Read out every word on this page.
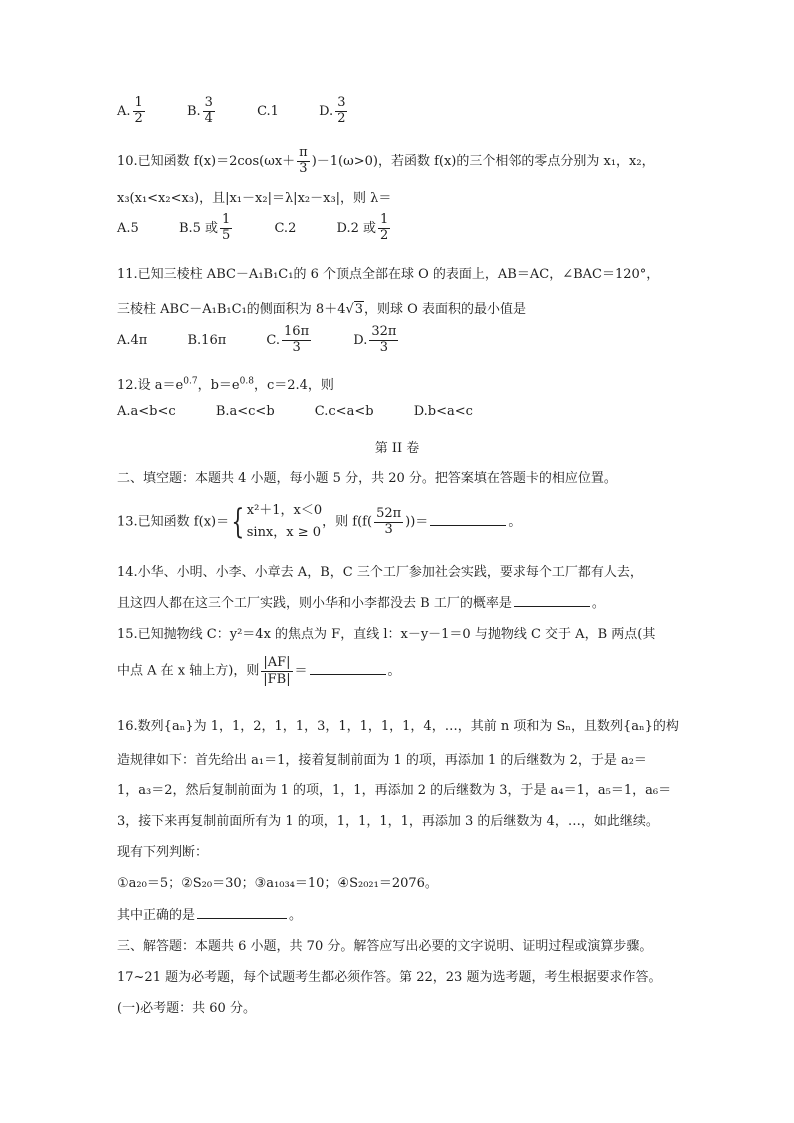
A. $\frac{1}{2}$	B. $\frac{3}{4}$	C.1	D. $\frac{3}{2}$
10.已知函数 $f(x)=2\cos(\omega x+ \frac{\pi}{3} )-1(\omega>0)$，若函数 f(x)的三个相邻的零点分别为 x₁，x₂，
x₃(x₁<x₂<x₃)，且|x₁－x₂|＝λ|x₂－x₃|，则 λ＝
A.5	B.5 或 $\frac{1}{5}$	C.2	D.2 或 $\frac{1}{2}$
11.已知三棱柱 ABC－A₁B₁C₁的 6 个顶点全部在球 O 的表面上，AB＝AC，∠BAC＝120°，
三棱柱 ABC－A₁B₁C₁的侧面积为 8＋4√3，则球 O 表面积的最小值是
A.4π	B.16π	C. $\frac{16\pi}{3}$	D. $\frac{32\pi}{3}$
12.设 $a=e^{0.7}$，$b=e^{0.8}$，c＝2.4，则
A.a<b<c	B.a<c<b	C.c<a<b	D.b<a<c
第 II 卷
二、填空题：本题共 4 小题，每小题 5 分，共 20 分。把答案填在答题卡的相应位置。
13.已知函数 f(x)＝{ x²＋1，x＜0
sinx，x ≥ 0
，则 $f(f( \frac{52\pi}{3}$ ))＝	。
14.小华、小明、小李、小章去 A，B，C 三个工厂参加社会实践，要求每个工厂都有人去，
且这四人都在这三个工厂实践，则小华和小李都没去 B 工厂的概率是	。
15.已知抛物线 C：y²＝4x 的焦点为 F，直线 l：x－y－1＝0 与抛物线 C 交于 A，B 两点(其
中点 A 在 x 轴上方)，则 $\frac{|AF|}{|FB|}$ ＝	。
16.数列{aₙ}为 1，1，2，1，1，3，1，1，1，1，4，…，其前 n 项和为 Sₙ，且数列{aₙ}的构
造规律如下：首先给出 a₁＝1，接着复制前面为 1 的项，再添加 1 的后继数为 2，于是 a₂＝
1，a₃＝2，然后复制前面为 1 的项，1，1，再添加 2 的后继数为 3，于是 a₄＝1，a₅＝1，a₆＝
3，接下来再复制前面所有为 1 的项，1，1，1，1，再添加 3 的后继数为 4，…，如此继续。
现有下列判断：
①a₂₀＝5；②S₂₀＝30；③a₁₀₃₄＝10；④S₂₀₂₁＝2076。
其中正确的是	。
三、解答题：本题共 6 小题，共 70 分。解答应写出必要的文字说明、证明过程或演算步骤。
17~21 题为必考题，每个试题考生都必须作答。第 22，23 题为选考题，考生根据要求作答。
(一)必考题：共 60 分。
